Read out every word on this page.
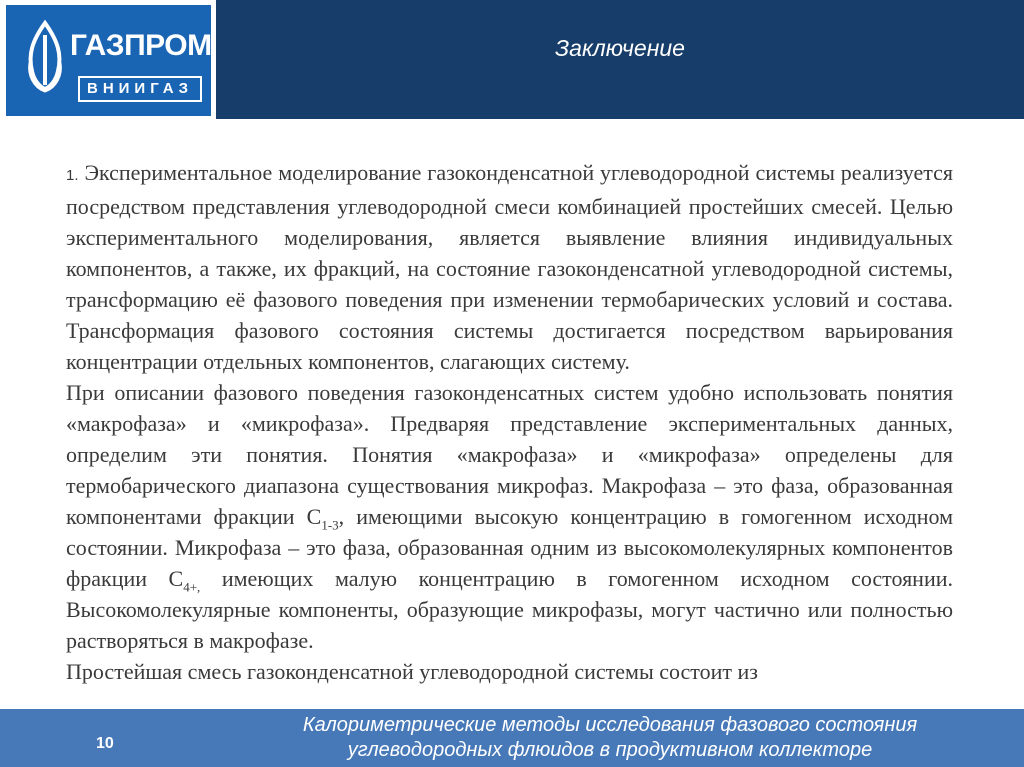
ГАЗПРОМ
ВНИИГАЗ
Заключение

1. Экспериментальное моделирование газоконденсатной углеводородной системы реализуется посредством представления углеводородной смеси комбинацией простейших смесей. Целью экспериментального моделирования, является выявление влияния индивидуальных компонентов, а также, их фракций, на состояние газоконденсатной углеводородной системы, трансформацию её фазового поведения при изменении термобарических условий и состава. Трансформация фазового состояния системы достигается посредством варьирования концентрации отдельных компонентов, слагающих систему.

При описании фазового поведения газоконденсатных систем удобно использовать понятия «макрофаза» и «микрофаза». Предваряя представление экспериментальных данных, определим эти понятия. Понятия «макрофаза» и «микрофаза» определены для термобарического диапазона существования микрофаз. Макрофаза – это фаза, образованная компонентами фракции $С_{1-3}$, имеющими высокую концентрацию в гомогенном исходном состоянии. Микрофаза – это фаза, образованная одним из высокомолекулярных компонентов фракции $С_{4+,}$ имеющих малую концентрацию в гомогенном исходном состоянии. Высокомолекулярные компоненты, образующие микрофазы, могут частично или полностью растворяться в макрофазе.

Простейшая смесь газоконденсатной углеводородной системы состоит из

10
Калориметрические методы исследования фазового состояния
углеводородных флюидов в продуктивном коллекторе
